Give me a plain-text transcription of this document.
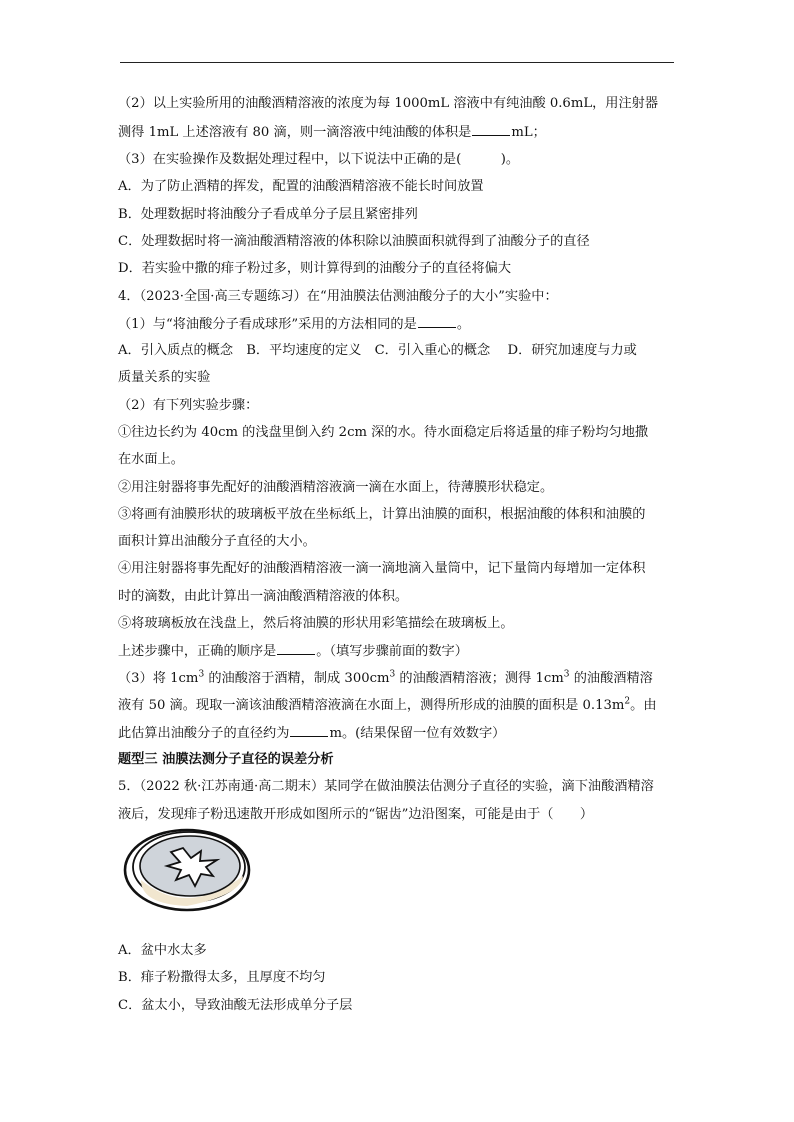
（2）以上实验所用的油酸酒精溶液的浓度为每 1000mL 溶液中有纯油酸 0.6mL，用注射器
测得 1mL 上述溶液有 80 滴，则一滴溶液中纯油酸的体积是	mL；
（3）在实验操作及数据处理过程中，以下说法中正确的是(　　　)。
A．为了防止酒精的挥发，配置的油酸酒精溶液不能长时间放置
B．处理数据时将油酸分子看成单分子层且紧密排列
C．处理数据时将一滴油酸酒精溶液的体积除以油膜面积就得到了油酸分子的直径
D．若实验中撒的痱子粉过多，则计算得到的油酸分子的直径将偏大
4．（2023·全国·高三专题练习）在“用油膜法估测油酸分子的大小”实验中：
（1）与“将油酸分子看成球形”采用的方法相同的是	。
A．引入质点的概念　B．平均速度的定义　C．引入重心的概念　 D．研究加速度与力或
质量关系的实验
（2）有下列实验步骤：
①往边长约为 40cm 的浅盘里倒入约 2cm 深的水。待水面稳定后将适量的痱子粉均匀地撒
在水面上。
②用注射器将事先配好的油酸酒精溶液滴一滴在水面上，待薄膜形状稳定。
③将画有油膜形状的玻璃板平放在坐标纸上，计算出油膜的面积，根据油酸的体积和油膜的
面积计算出油酸分子直径的大小。
④用注射器将事先配好的油酸酒精溶液一滴一滴地滴入量筒中，记下量筒内每增加一定体积
时的滴数，由此计算出一滴油酸酒精溶液的体积。
⑤将玻璃板放在浅盘上，然后将油膜的形状用彩笔描绘在玻璃板上。
上述步骤中，正确的顺序是	。（填写步骤前面的数字）
（3）将 $1cm^3$ 的油酸溶于酒精，制成 $300cm^3$ 的油酸酒精溶液；测得 $1cm^3$ 的油酸酒精溶
液有 50 滴。现取一滴该油酸酒精溶液滴在水面上，测得所形成的油膜的面积是 $0.13m^2$。由
此估算出油酸分子的直径约为	m。(结果保留一位有效数字）
题型三 油膜法测分子直径的误差分析
5．（2022 秋·江苏南通·高二期末）某同学在做油膜法估测分子直径的实验，滴下油酸酒精溶
液后，发现痱子粉迅速散开形成如图所示的“锯齿”边沿图案，可能是由于（　　）
A．盆中水太多
B．痱子粉撒得太多，且厚度不均匀
C．盆太小，导致油酸无法形成单分子层
